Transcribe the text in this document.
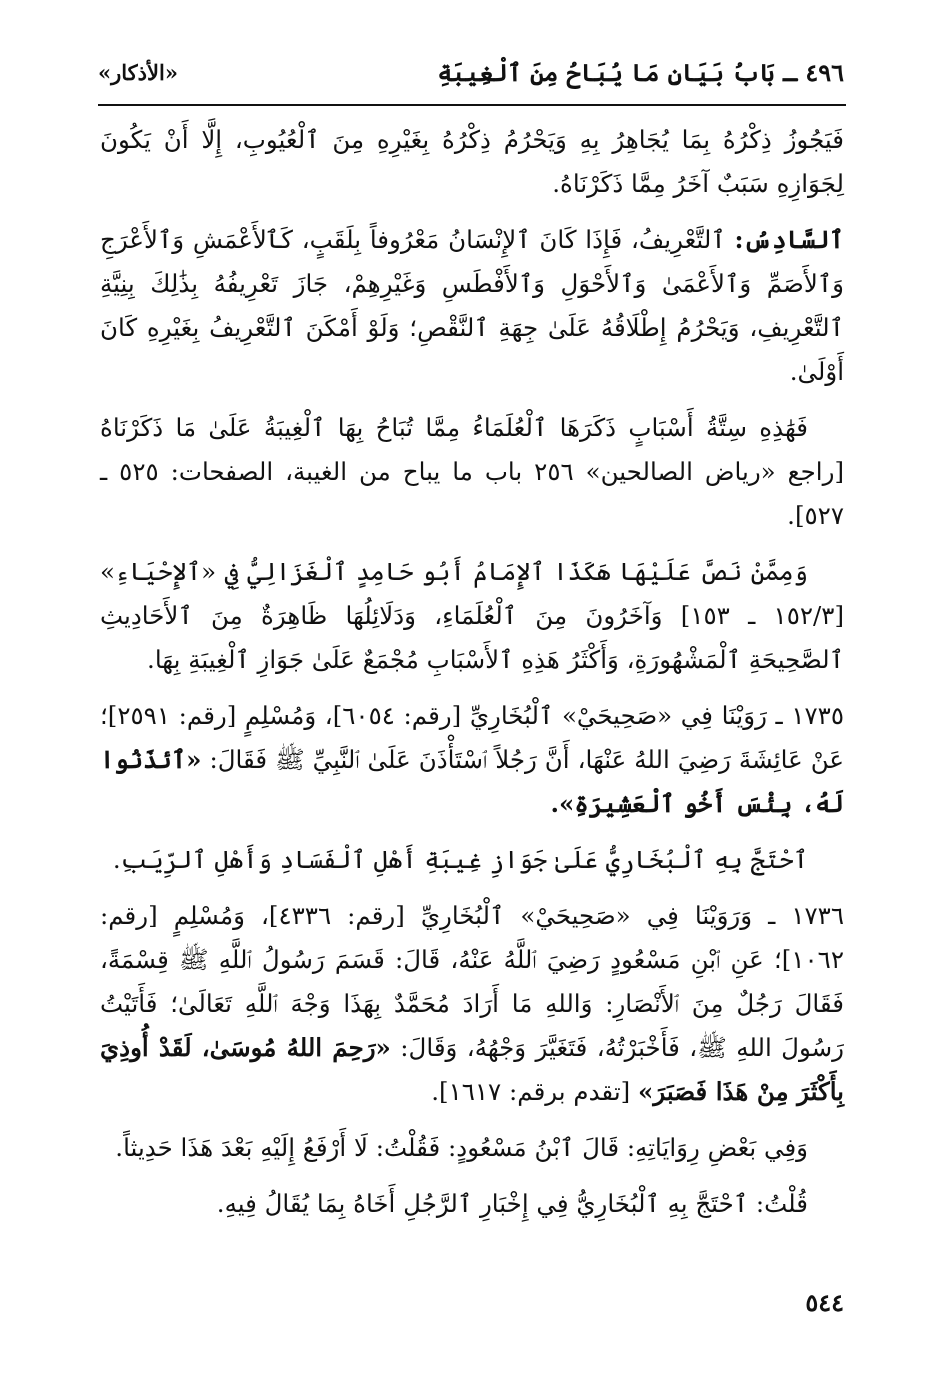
٤٩٦ ـ بَابُ بَيَانِ مَا يُبَاحُ مِنَ ٱلْغِيبَةِ
«الأذكار»

فَيَجُوزُ ذِكْرُهُ بِمَا يُجَاهِرُ بِهِ وَيَحْرُمُ ذِكْرُهُ بِغَيْرِهِ مِنَ ٱلْعُيُوبِ، إِلَّا أَنْ يَكُونَ لِجَوَازِهِ سَبَبٌ آخَرُ مِمَّا ذَكَرْنَاهُ.

ٱلسَّادِسُ: ٱلتَّعْرِيفُ، فَإِذَا كَانَ ٱلإِنْسَانُ مَعْرُوفاً بِلَقَبٍ، كَٱلأَعْمَشِ وَٱلأَعْرَجِ وَٱلأَصَمِّ وَٱلأَعْمَىٰ وَٱلأَحْوَلِ وَٱلأَفْطَسِ وَغَيْرِهِمْ، جَازَ تَعْرِيفُهُ بِذَٰلِكَ بِنِيَّةِ ٱلتَّعْرِيفِ، وَيَحْرُمُ إِطْلَاقُهُ عَلَىٰ جِهَةِ ٱلنَّقْصِ؛ وَلَوْ أَمْكَنَ ٱلتَّعْرِيفُ بِغَيْرِهِ كَانَ أَوْلَىٰ.

فَهَٰذِهِ سِتَّةُ أَسْبَابٍ ذَكَرَهَا ٱلْعُلَمَاءُ مِمَّا تُبَاحُ بِهَا ٱلْغِيبَةُ عَلَىٰ مَا ذَكَرْنَاهُ [راجع «رياض الصالحين» ٢٥٦ باب ما يباح من الغيبة، الصفحات: ٥٢٥ ـ ٥٢٧].

وَمِمَّنْ نَصَّ عَلَيْهَا هَكَذَا ٱلإِمَامُ أَبُو حَامِدٍ ٱلْغَزَالِيُّ فِي «ٱلإِحْيَاءِ» [١٥٢/٣ ـ ١٥٣] وَآخَرُونَ مِنَ ٱلْعُلَمَاءِ، وَدَلَائِلُهَا ظَاهِرَةٌ مِنَ ٱلأَحَادِيثِ ٱلصَّحِيحَةِ ٱلْمَشْهُورَةِ، وَأَكْثَرُ هَذِهِ ٱلأَسْبَابِ مُجْمَعٌ عَلَىٰ جَوَازِ ٱلْغِيبَةِ بِهَا.

١٧٣٥ ـ رَوَيْنَا فِي «صَحِيحَيْ» ٱلْبُخَارِيِّ [رقم: ٦٠٥٤]، وَمُسْلِمٍ [رقم: ٢٥٩١]؛ عَنْ عَائِشَةَ رَضِيَ اللهُ عَنْهَا، أَنَّ رَجُلاً ٱسْتَأْذَنَ عَلَىٰ ٱلنَّبِيِّ ﷺ فَقَالَ: «ٱئذَنُوا لَهُ، بِئْسَ أَخُو ٱلْعَشِيرَةِ».

ٱحْتَجَّ بِهِ ٱلْبُخَارِيُّ عَلَىٰ جَوَازِ غِيبَةِ أَهْلِ ٱلْفَسَادِ وَأَهْلِ ٱلرِّيَبِ.

١٧٣٦ ـ وَرَوَيْنَا فِي «صَحِيحَيْ» ٱلْبُخَارِيِّ [رقم: ٤٣٣٦]، وَمُسْلِمٍ [رقم: ١٠٦٢]؛ عَنِ ٱبْنِ مَسْعُودٍ رَضِيَ ٱللَّهُ عَنْهُ، قَالَ: قَسَمَ رَسُولُ ٱللَّهِ ﷺ قِسْمَةً، فَقَالَ رَجُلٌ مِنَ ٱلأَنْصَارِ: وَاللهِ مَا أَرَادَ مُحَمَّدٌ بِهَذَا وَجْهَ ٱللَّهِ تَعَالَىٰ؛ فَأَتَيْتُ رَسُولَ اللهِ ﷺ، فَأَخْبَرْتُهُ، فَتَغَيَّرَ وَجْهُهُ، وَقَالَ: «رَحِمَ اللهُ مُوسَىٰ، لَقَدْ أُوذِيَ بِأَكْثَرَ مِنْ هَذَا فَصَبَرَ» [تقدم برقم: ١٦١٧].

وَفِي بَعْضِ رِوَايَاتِهِ: قَالَ ٱبْنُ مَسْعُودٍ: فَقُلْتُ: لَا أَرْفَعُ إِلَيْهِ بَعْدَ هَذَا حَدِيثاً.

قُلْتُ: ٱحْتَجَّ بِهِ ٱلْبُخَارِيُّ فِي إِخْبَارِ ٱلرَّجُلِ أَخَاهُ بِمَا يُقَالُ فِيهِ.

٥٤٤
